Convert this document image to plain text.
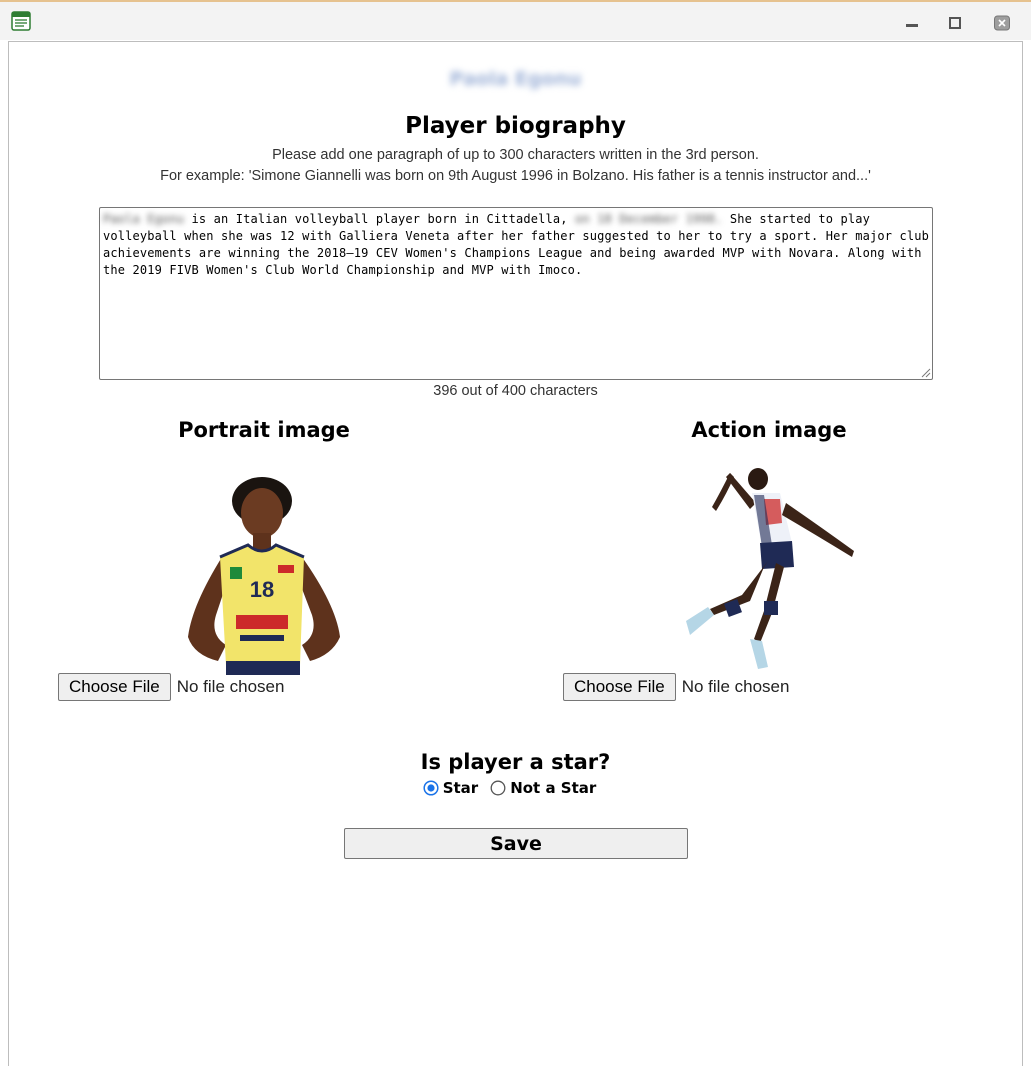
Paola Egonu
Player biography
Please add one paragraph of up to 300 characters written in the 3rd person.
For example: 'Simone Giannelli was born on 9th August 1996 in Bolzano. His father is a tennis instructor and...'
Paola Egonu is an Italian volleyball player born in Cittadella, on 18 December 1998. She started to play volleyball when she was 12 with Galliera Veneta after her father suggested to her to try a sport. Her major club achievements are winning the 2018–19 CEV Women's Champions League and being awarded MVP with Novara. Along with the 2019 FIVB Women's Club World Championship and MVP with Imoco.
396 out of 400 characters
Portrait image
18
Choose File	No file chosen
Action image
Choose File	No file chosen
Is player a star?
Star Not a Star
Save
